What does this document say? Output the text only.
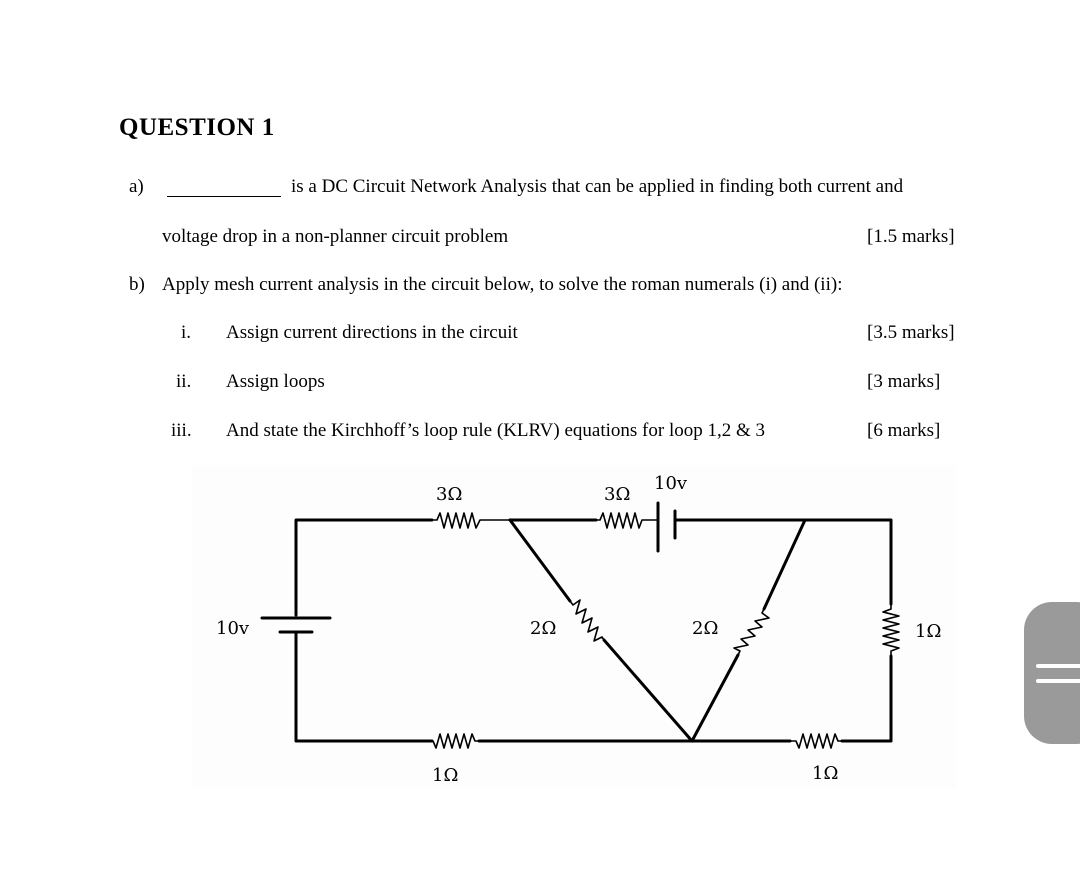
QUESTION 1
a)	is a DC Circuit Network Analysis that can be applied in finding both current and
voltage drop in a non-planner circuit problem	[1.5 marks]
b) Apply mesh current analysis in the circuit below, to solve the roman numerals (i) and (ii):
i. Assign current directions in the circuit	[3.5 marks]
ii. Assign loops	[3 marks]
iii. And state the Kirchhoff’s loop rule (KLRV) equations for loop 1,2 & 3	[6 marks]
3Ω	3Ω
10v
10v	2Ω	2Ω	1Ω
1Ω	1Ω
